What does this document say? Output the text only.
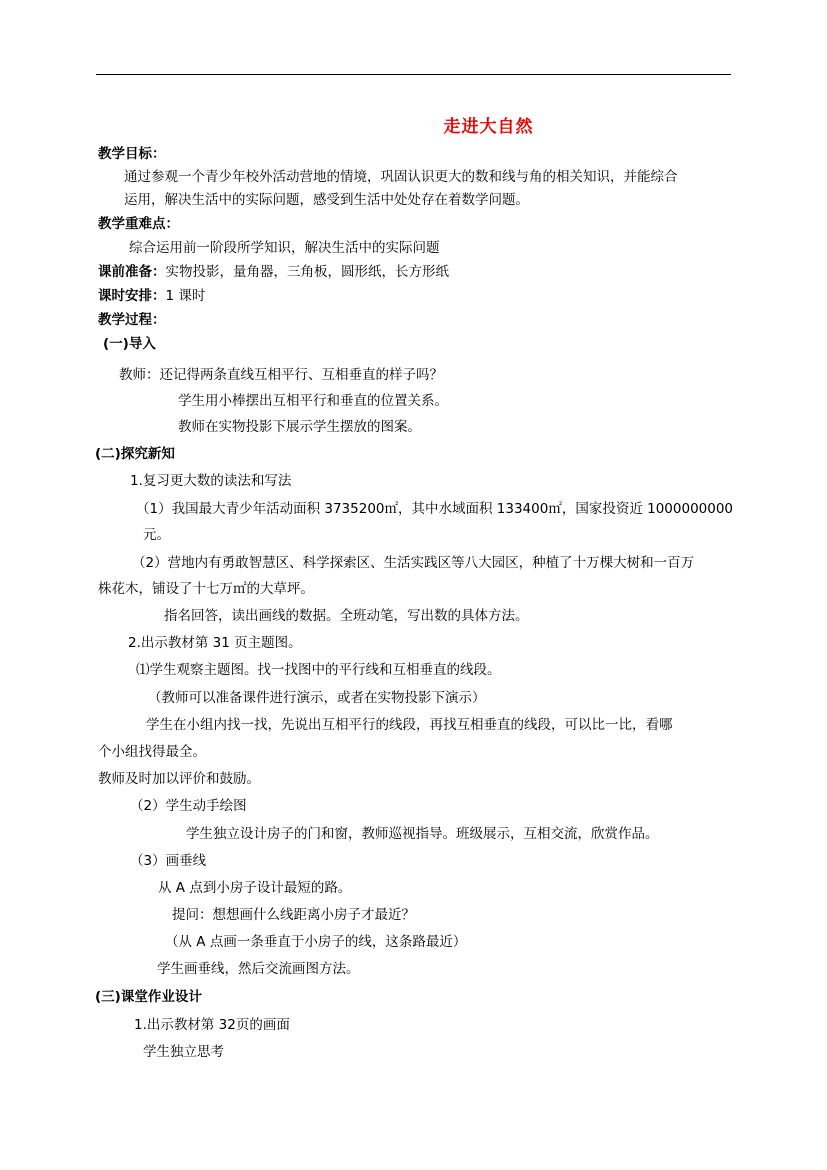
走进大自然
教学目标：
通过参观一个青少年校外活动营地的情境，巩固认识更大的数和线与角的相关知识，并能综合
运用，解决生活中的实际问题，感受到生活中处处存在着数学问题。
教学重难点：
综合运用前一阶段所学知识，解决生活中的实际问题
课前准备：实物投影，量角器，三角板，圆形纸，长方形纸
课时安排：1 课时
教学过程：
(一)导入
教师：还记得两条直线互相平行、互相垂直的样子吗？
学生用小棒摆出互相平行和垂直的位置关系。
教师在实物投影下展示学生摆放的图案。
(二)探究新知
1.复习更大数的读法和写法
（1）我国最大青少年活动面积 3735200㎡，其中水域面积 133400㎡，国家投资近 1000000000
元。
（2）营地内有勇敢智慧区、科学探索区、生活实践区等八大园区，种植了十万棵大树和一百万
株花木，铺设了十七万㎡的大草坪。
指名回答，读出画线的数据。全班动笔，写出数的具体方法。
2.出示教材第 31 页主题图。
⑴学生观察主题图。找一找图中的平行线和互相垂直的线段。
（教师可以准备课件进行演示，或者在实物投影下演示）
学生在小组内找一找，先说出互相平行的线段，再找互相垂直的线段，可以比一比，看哪
个小组找得最全。
教师及时加以评价和鼓励。
（2）学生动手绘图
学生独立设计房子的门和窗，教师巡视指导。班级展示，互相交流，欣赏作品。
（3）画垂线
从 A 点到小房子设计最短的路。
提问：想想画什么线距离小房子才最近？
（从 A 点画一条垂直于小房子的线，这条路最近）
学生画垂线，然后交流画图方法。
(三)课堂作业设计
1.出示教材第 32页的画面
学生独立思考
